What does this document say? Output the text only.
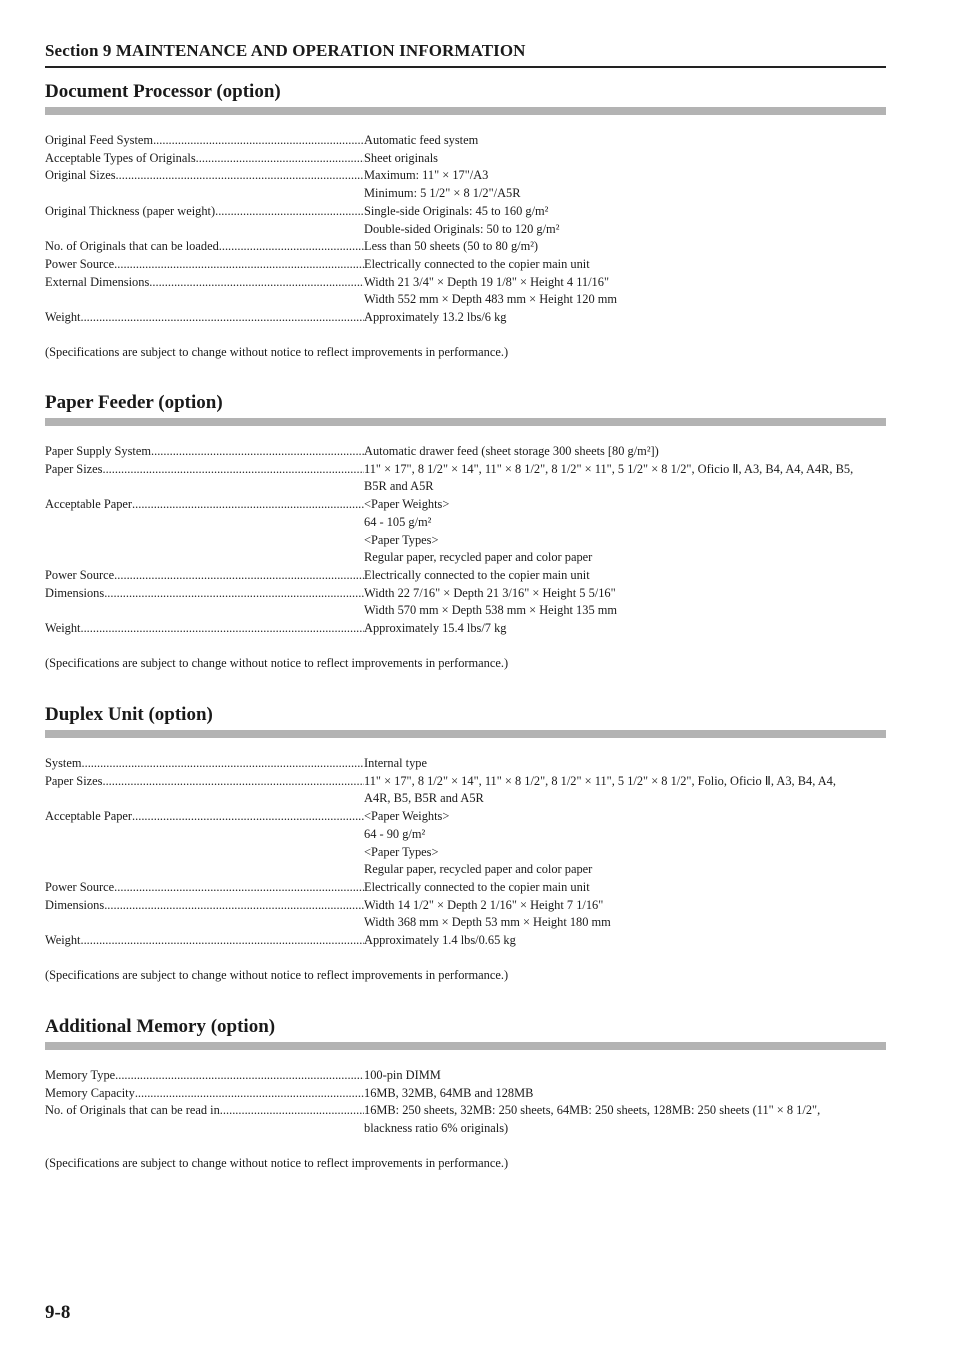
Section 9 MAINTENANCE AND OPERATION INFORMATION
Document Processor (option)
Original Feed System .....	Automatic feed system
Acceptable Types of Originals .....	Sheet originals
Original Sizes .....	Maximum: 11" × 17"/A3
Minimum: 5 1/2" × 8 1/2"/A5R
Original Thickness (paper weight) .....	Single-side Originals: 45 to 160 g/m²
Double-sided Originals: 50 to 120 g/m²
No. of Originals that can be loaded .....	Less than 50 sheets (50 to 80 g/m²)
Power Source .....	Electrically connected to the copier main unit
External Dimensions .....	Width 21 3/4" × Depth 19 1/8" × Height 4 11/16"
Width 552 mm × Depth 483 mm × Height 120 mm
Weight .....	Approximately 13.2 lbs/6 kg
(Specifications are subject to change without notice to reflect improvements in performance.)
Paper Feeder (option)
Paper Supply System .....	Automatic drawer feed (sheet storage 300 sheets [80 g/m²])
Paper Sizes .....	11" × 17", 8 1/2" × 14", 11" × 8 1/2", 8 1/2" × 11", 5 1/2" × 8 1/2", Oficio Ⅱ, A3, B4, A4, A4R, B5,
B5R and A5R
Acceptable Paper .....	<Paper Weights>
64 - 105 g/m²
<Paper Types>
Regular paper, recycled paper and color paper
Power Source .....	Electrically connected to the copier main unit
Dimensions .....	Width 22 7/16" × Depth 21 3/16" × Height 5 5/16"
Width 570 mm × Depth 538 mm × Height 135 mm
Weight .....	Approximately 15.4 lbs/7 kg
(Specifications are subject to change without notice to reflect improvements in performance.)
Duplex Unit (option)
System .....	Internal type
Paper Sizes .....	11" × 17", 8 1/2" × 14", 11" × 8 1/2", 8 1/2" × 11", 5 1/2" × 8 1/2", Folio, Oficio Ⅱ, A3, B4, A4,
A4R, B5, B5R and A5R
Acceptable Paper .....	<Paper Weights>
64 - 90 g/m²
<Paper Types>
Regular paper, recycled paper and color paper
Power Source .....	Electrically connected to the copier main unit
Dimensions .....	Width 14 1/2" × Depth 2 1/16" × Height 7 1/16"
Width 368 mm × Depth 53 mm × Height 180 mm
Weight .....	Approximately 1.4 lbs/0.65 kg
(Specifications are subject to change without notice to reflect improvements in performance.)
Additional Memory (option)
Memory Type .....	100-pin DIMM
Memory Capacity .....	16MB, 32MB, 64MB and 128MB
No. of Originals that can be read in .....	16MB: 250 sheets, 32MB: 250 sheets, 64MB: 250 sheets, 128MB: 250 sheets (11" × 8 1/2",
blackness ratio 6% originals)
(Specifications are subject to change without notice to reflect improvements in performance.)
9-8
